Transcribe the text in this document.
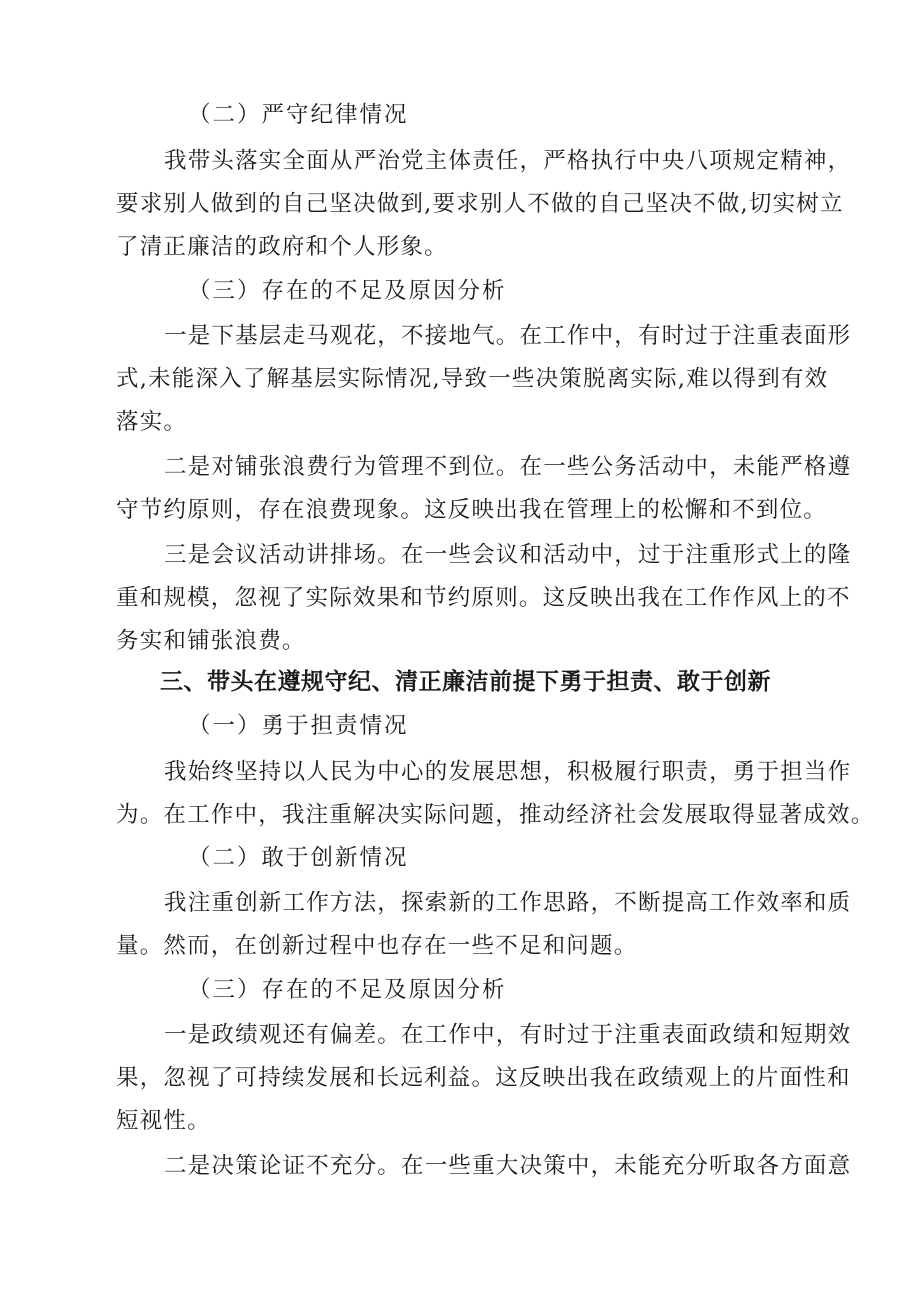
（二）严守纪律情况
我带头落实全面从严治党主体责任，严格执行中央八项规定精神，
要求别人做到的自己坚决做到,要求别人不做的自己坚决不做,切实树立
了清正廉洁的政府和个人形象。
（三）存在的不足及原因分析
一是下基层走马观花，不接地气。在工作中，有时过于注重表面形
式,未能深入了解基层实际情况,导致一些决策脱离实际,难以得到有效
落实。
二是对铺张浪费行为管理不到位。在一些公务活动中，未能严格遵
守节约原则，存在浪费现象。这反映出我在管理上的松懈和不到位。
三是会议活动讲排场。在一些会议和活动中，过于注重形式上的隆
重和规模，忽视了实际效果和节约原则。这反映出我在工作作风上的不
务实和铺张浪费。
三、带头在遵规守纪、清正廉洁前提下勇于担责、敢于创新
（一）勇于担责情况
我始终坚持以人民为中心的发展思想，积极履行职责，勇于担当作
为。在工作中，我注重解决实际问题，推动经济社会发展取得显著成效。
（二）敢于创新情况
我注重创新工作方法，探索新的工作思路，不断提高工作效率和质
量。然而，在创新过程中也存在一些不足和问题。
（三）存在的不足及原因分析
一是政绩观还有偏差。在工作中，有时过于注重表面政绩和短期效
果，忽视了可持续发展和长远利益。这反映出我在政绩观上的片面性和
短视性。
二是决策论证不充分。在一些重大决策中，未能充分听取各方面意
